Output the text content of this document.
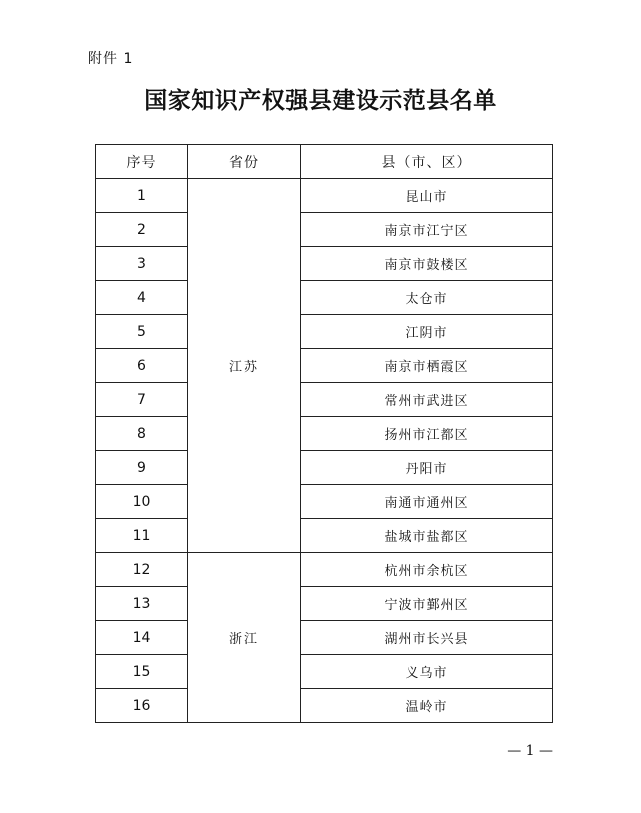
附件 1
国家知识产权强县建设示范县名单
序号	省份	县（市、区）
1	江苏	昆山市
2		南京市江宁区
3		南京市鼓楼区
4		太仓市
5		江阴市
6		南京市栖霞区
7		常州市武进区
8		扬州市江都区
9		丹阳市
10		南通市通州区
11		盐城市盐都区
12	浙江	杭州市余杭区
13		宁波市鄞州区
14		湖州市长兴县
15		义乌市
16		温岭市
— 1 —
